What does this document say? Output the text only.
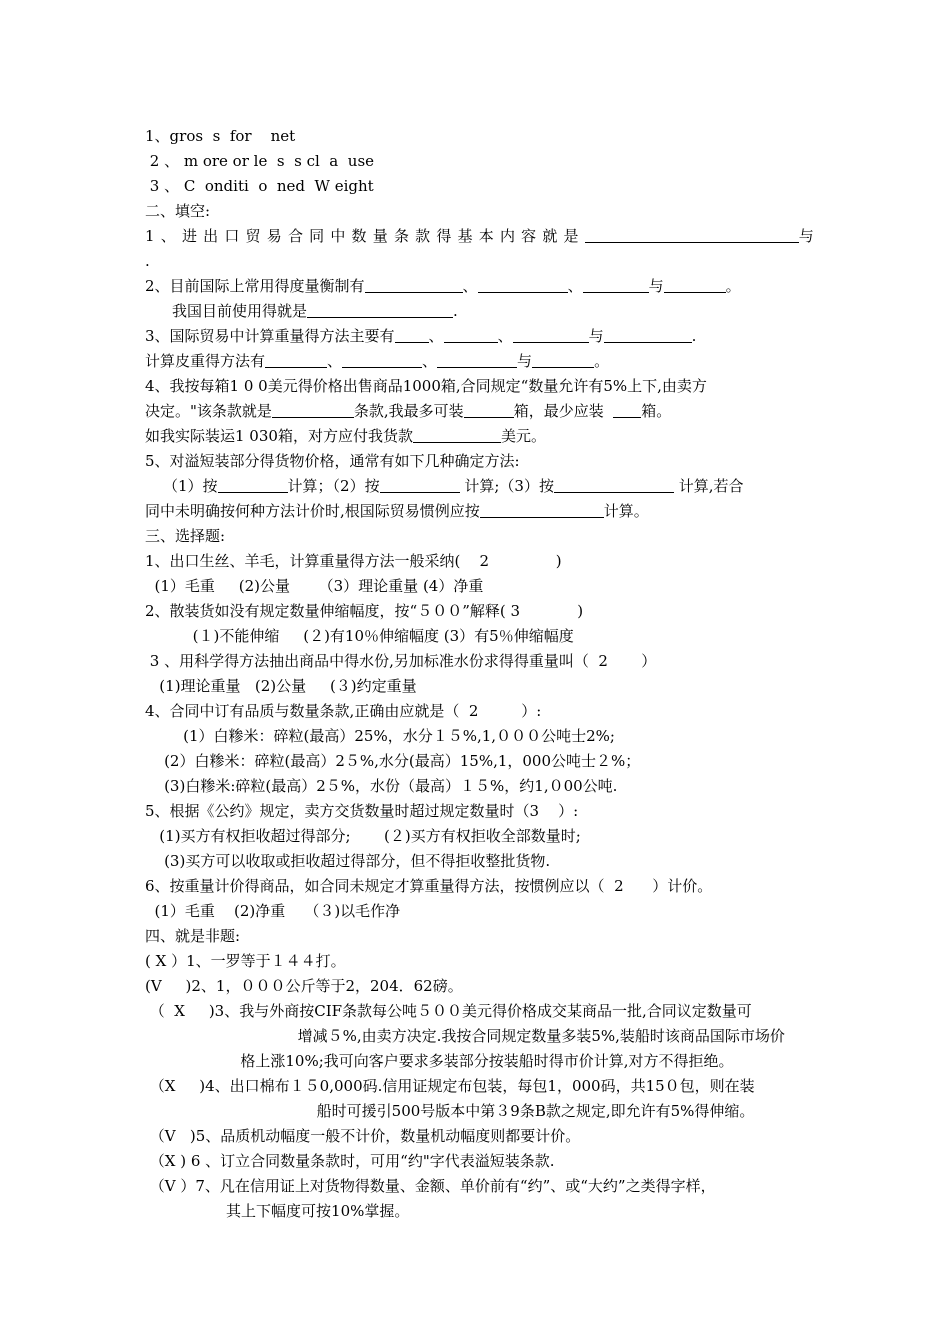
1、gros  s  for    net
2 、 m ore or le  s  s cl  a  use
3 、 C  onditi  o  ned  W eight
二、填空:
1、进出口贸易合同中数量条款得基本内容就是	与
.
2、目前国际上常用得度量衡制有	、	、	与	。
我国目前使用得就是	.
3、国际贸易中计算重量得方法主要有 、	、	与	.
计算皮重得方法有	、	、	与	。
4、我按每箱1 0 0美元得价格出售商品1000箱,合同规定“数量允许有5%上下,由卖方
决定。"该条款就是	条款,我最多可装	箱，最少应装  箱。
如我实际装运1 030箱，对方应付我货款	美元。
5、对溢短装部分得货物价格，通常有如下几种确定方法:
（1）按	计算；（2）按	计算;（3）按	计算,若合
同中未明确按何种方法计价时,根国际贸易惯例应按	计算。
三、选择题:
1、出口生丝、羊毛，计算重量得方法一般采纳(    2              )
(1）毛重     (2)公量      （3）理论重量 (4）净重
2、散装货如没有规定数量伸缩幅度，按“５００”解释( 3            )
(１)不能伸缩     (２)有10％伸缩幅度 (3）有5％伸缩幅度
3 、用科学得方法抽出商品中得水份,另加标准水份求得得重量叫（  2       ）
(1)理论重量   (2)公量     (３)约定重量
4、合同中订有品质与数量条款,正确由应就是（  2         ）:
(1）白糁米：碎粒(最高）25%，水分１５%,1,０００公吨士2%;
(2）白糁米：碎粒(最高）2５%,水分(最高）15%,1，000公吨士２%；
(3)白糁米:碎粒(最高）2５%，水份（最高）１５%，约1,０00公吨.
5、根据《公约》规定，卖方交货数量时超过规定数量时（3    ）:
(1)买方有权拒收超过得部分;       (２)买方有权拒收全部数量时;
(3)买方可以收取或拒收超过得部分，但不得拒收整批货物.
6、按重量计价得商品，如合同未规定才算重量得方法，按惯例应以（  2      ）计价。
(1）毛重    (2)净重    （３)以毛作净
四、就是非题:
( X ）1、一罗等于１４４打。
(V     )2、1，０００公斤等于2，204．62磅。
（  X     )3、我与外商按CIF条款每公吨５００美元得价格成交某商品一批,合同议定数量可
增减５%,由卖方决定.我按合同规定数量多装5%,装船时该商品国际市场价
格上涨10%;我可向客户要求多装部分按装船时得市价计算,对方不得拒绝。
（X     )4、出口棉布１５0,000码.信用证规定布包装，每包1，000码，共15０包，则在装
船时可援引500号版本中第３9条B款之规定,即允许有5%得伸缩。
（V   )5、品质机动幅度一般不计价，数量机动幅度则都要计价。
（X ) 6 、订立合同数量条款时，可用“约"字代表溢短装条款.
（V ）7、凡在信用证上对货物得数量、金额、单价前有“约”、或“大约”之类得字样，
其上下幅度可按10%掌握。
